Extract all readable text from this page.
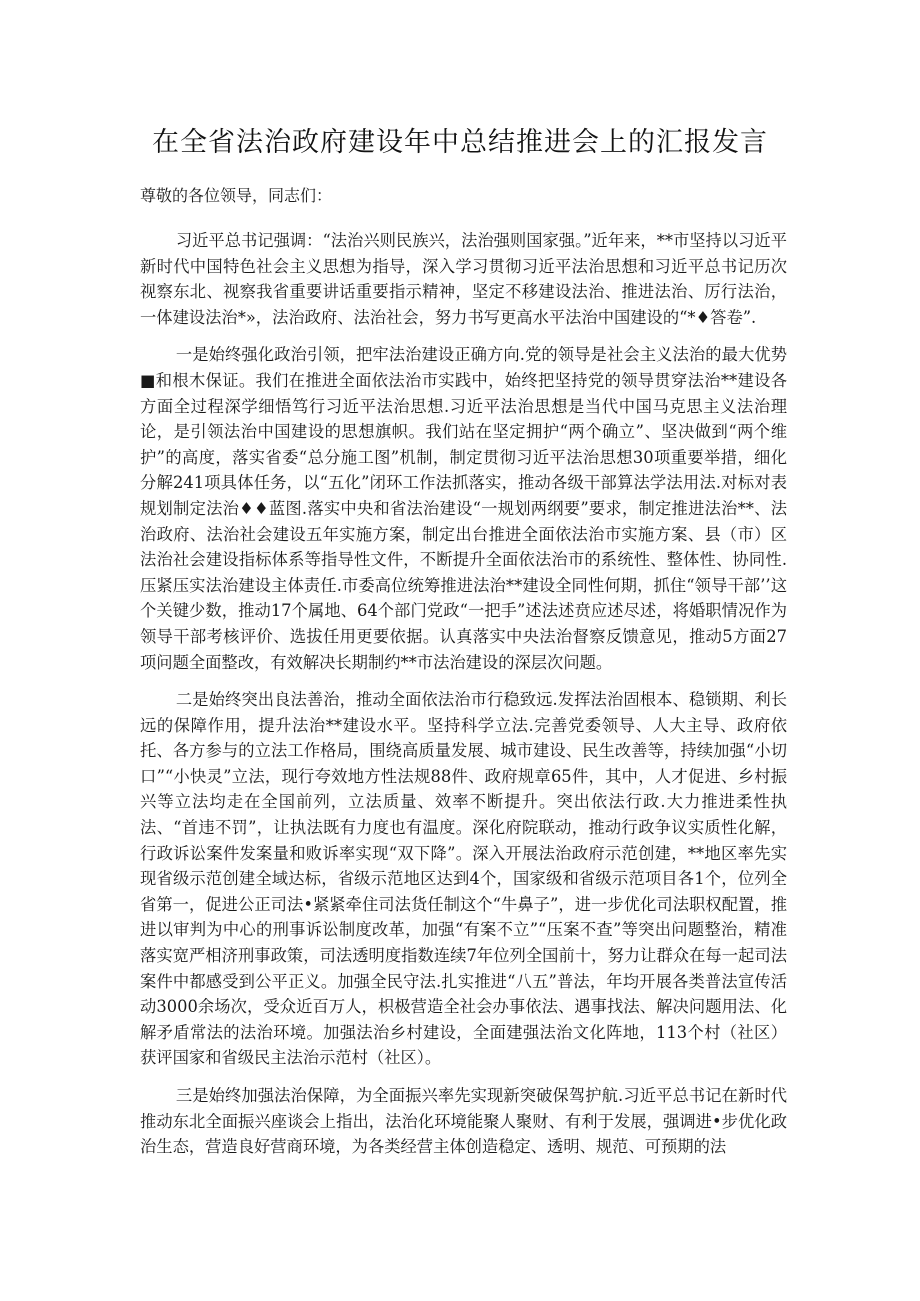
在全省法治政府建设年中总结推进会上的汇报发言

尊敬的各位领导，同志们：

习近平总书记强调：“法治兴则民族兴，法治强则国家强。”近年来，**市坚持以习近平新时代中国特色社会主义思想为指导，深入学习贯彻习近平法治思想和习近平总书记历次视察东北、视察我省重要讲话重要指示精神，坚定不移建设法治、推进法治、厉行法治，一体建设法治*»，法治政府、法治社会，努力书写更高水平法治中国建设的“*♦答卷”.

一是始终强化政治引领，把牢法治建设正确方向.党的领导是社会主义法治的最大优势■和根木保证。我们在推进全面依法治市实践中，始终把坚持党的领导贯穿法治**建设各方面全过程深学细悟笃行习近平法治思想.习近平法治思想是当代中国马克思主义法治理论，是引领法治中国建设的思想旗帜。我们站在坚定拥护“两个确立”、坚决做到“两个维护”的高度，落实省委“总分施工图”机制，制定贯彻习近平法治思想30项重要举措，细化分解241项具体任务，以“五化”闭环工作法抓落实，推动各级干部算法学法用法.对标对表规划制定法治♦♦蓝图.落实中央和省法治建设“一规划两纲要”要求，制定推进法治**、法治政府、法治社会建设五年实施方案，制定出台推进全面依法治市实施方案、县（市）区法治社会建设指标体系等指导性文件，不断提升全面依法治市的系统性、整体性、协同性.压紧压实法治建设主体责任.市委高位统筹推进法治**建设全同性何期，抓住“领导干部’’这个关键少数，推动17个属地、64个部门党政“一把手”述法述贲应述尽述，将婚职情况作为领导干部考核评价、选拔任用更要依据。认真落实中央法治督察反馈意见，推动5方面27项问题全面整改，有效解决长期制约**市法治建设的深层次问题。

二是始终突出良法善治，推动全面依法治市行稳致远.发挥法治固根本、稳锁期、利长远的保障作用，提升法治**建设水平。坚持科学立法.完善党委领导、人大主导、政府依托、各方参与的立法工作格局，围绕高质量发展、城市建设、民生改善等，持续加强“小切口”“小快灵”立法，现行夸效地方性法规88件、政府规章65件，其中，人才促进、乡村振兴等立法均走在全国前列，立法质量、效率不断提升。突出依法行政.大力推进柔性执法、“首违不罚”，让执法既有力度也有温度。深化府院联动，推动行政争议实质性化解，行政诉讼案件发案量和败诉率实现“双下降”。深入开展法治政府示范创建，**地区率先实现省级示范创建全域达标，省级示范地区达到4个，国家级和省级示范项目各1个，位列全省第一，促进公正司法•紧紧牵住司法货任制这个“牛鼻子”，进一步优化司法职权配置，推进以审判为中心的刑事诉讼制度改革，加强“有案不立”“压案不查”等突出问题整治，精准落实宽严相济刑事政策，司法透明度指数连续7年位列全国前十，努力让群众在每一起司法案件中都感受到公平正义。加强全民守法.扎实推进“八五”普法，年均开展各类普法宣传活动3000余场次，受众近百万人，枳极营造全社会办事依法、遇事找法、解决问题用法、化解矛盾常法的法治环境。加强法治乡村建设，全面建强法治文化阵地，113个村（社区）获评国家和省级民主法治示范村（社区）。

三是始终加强法治保障，为全面振兴率先实现新突破保驾护航.习近平总书记在新时代推动东北全面振兴座谈会上指出，法治化环境能聚人聚财、有利于发展，强调进•步优化政治生态，营造良好营商环境，为各类经营主体创造稳定、透明、规范、可预期的法
